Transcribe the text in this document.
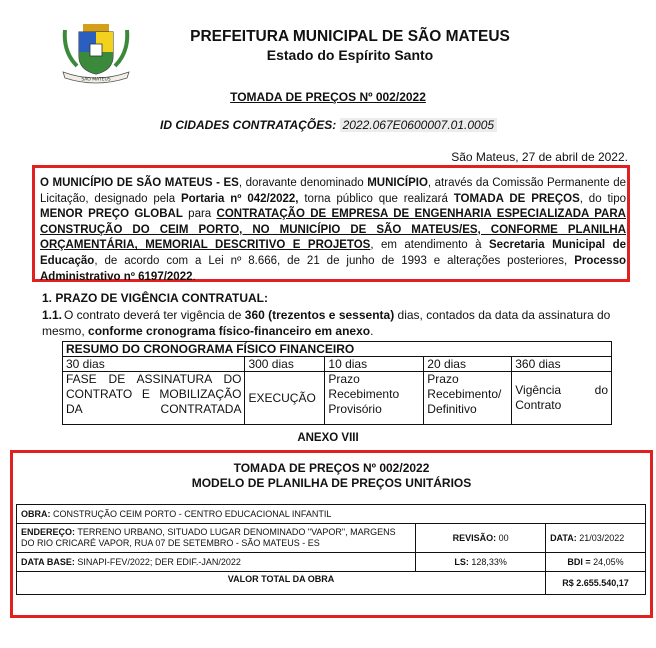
SÃO MATEUS
PREFEITURA MUNICIPAL DE SÃO MATEUS
Estado do Espírito Santo
TOMADA DE PREÇOS Nº 002/2022
ID CIDADES CONTRATAÇÕES: 2022.067E0600007.01.0005
São Mateus, 27 de abril de 2022.
O MUNICÍPIO DE SÃO MATEUS - ES, doravante denominado MUNICÍPIO, através da Comissão Permanente de Licitação, designado pela Portaria nº 042/2022, torna público que realizará TOMADA DE PREÇOS, do tipo MENOR PREÇO GLOBAL para CONTRATAÇÃO DE EMPRESA DE ENGENHARIA ESPECIALIZADA PARA CONSTRUÇÃO DO CEIM PORTO, NO MUNICÍPIO DE SÃO MATEUS/ES, CONFORME PLANILHA ORÇAMENTÁRIA, MEMORIAL DESCRITIVO E PROJETOS, em atendimento à Secretaria Municipal de Educação, de acordo com a Lei nº 8.666, de 21 de junho de 1993 e alterações posteriores, Processo Administrativo nº 6197/2022.
1. PRAZO DE VIGÊNCIA CONTRATUAL:
1.1. O contrato deverá ter vigência de 360 (trezentos e sessenta) dias, contados da data da assinatura do mesmo, conforme cronograma físico-financeiro em anexo.
RESUMO DO CRONOGRAMA FÍSICO FINANCEIRO				
30 dias	300 dias	10 dias	20 dias	360 dias
FASE DE ASSINATURA DO CONTRATO E MOBILIZAÇÃO DA CONTRATADA	EXECUÇÃO	Prazo Recebimento Provisório	Prazo Recebimento/ Definitivo	Vigência do Contrato
ANEXO VIII
TOMADA DE PREÇOS Nº 002/2022
MODELO DE PLANILHA DE PREÇOS UNITÁRIOS
OBRA: CONSTRUÇÃO CEIM PORTO - CENTRO EDUCACIONAL INFANTIL		
ENDEREÇO: TERRENO URBANO, SITUADO LUGAR DENOMINADO "VAPOR", MARGENS DO RIO CRICARÉ VAPOR, RUA 07 DE SETEMBRO - SÃO MATEUS - ES	REVISÃO: 00	DATA: 21/03/2022
DATA BASE: SINAPI-FEV/2022; DER EDIF.-JAN/2022	LS: 128,33%	BDI = 24,05%
VALOR TOTAL DA OBRA		R$ 2.655.540,17
